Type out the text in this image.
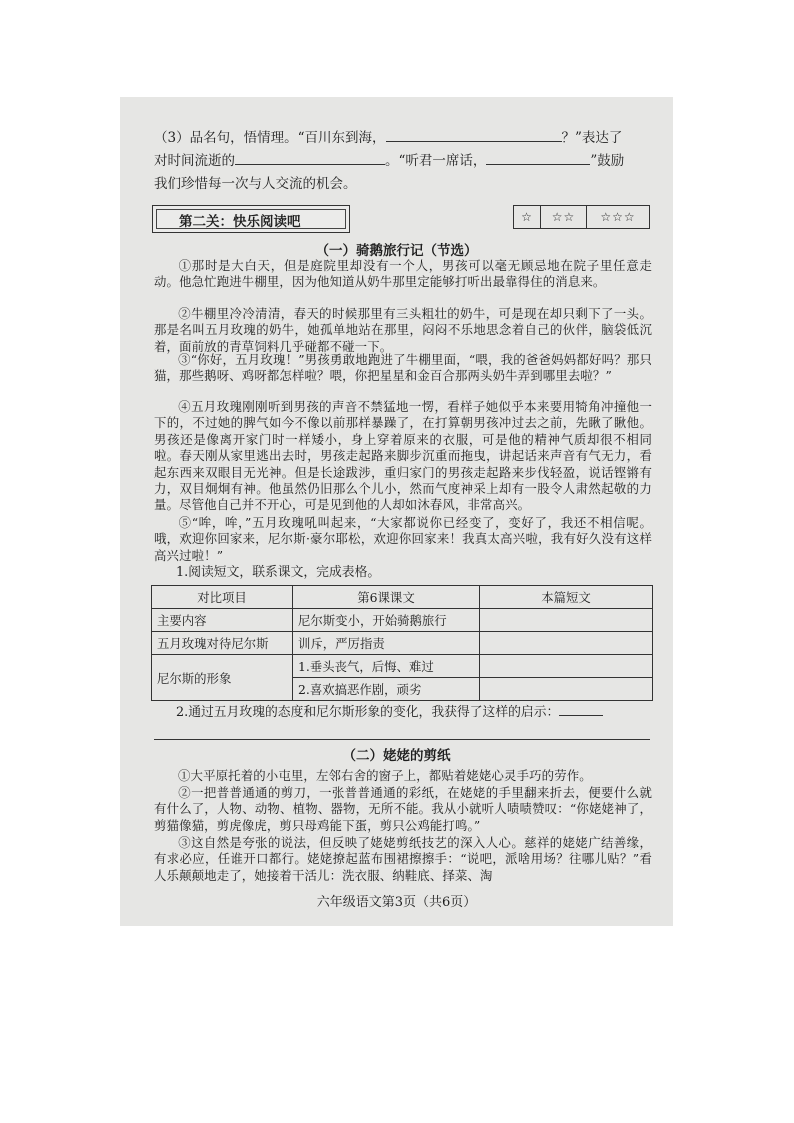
（3）品名句，悟情理。“百川东到海，	？”表达了
对时间流逝的	。“听君一席话，	”鼓励
我们珍惜每一次与人交流的机会。
第二关：快乐阅读吧	☆	☆☆	☆☆☆
（一）骑鹅旅行记（节选）
①那时是大白天，但是庭院里却没有一个人，男孩可以毫无顾忌地在院子里任意走动。他急忙跑进牛棚里，因为他知道从奶牛那里定能够打听出最靠得住的消息来。
②牛棚里冷冷清清，春天的时候那里有三头粗壮的奶牛，可是现在却只剩下了一头。那是名叫五月玫瑰的奶牛，她孤单地站在那里，闷闷不乐地思念着自己的伙伴，脑袋低沉着，面前放的青草饲料几乎碰都不碰一下。
③“你好，五月玫瑰！”男孩勇敢地跑进了牛棚里面，“喂，我的爸爸妈妈都好吗？那只猫，那些鹅呀、鸡呀都怎样啦？喂，你把星星和金百合那两头奶牛弄到哪里去啦？”
④五月玫瑰刚刚听到男孩的声音不禁猛地一愣，看样子她似乎本来要用犄角冲撞他一下的，不过她的脾气如今不像以前那样暴躁了，在打算朝男孩冲过去之前，先瞅了瞅他。男孩还是像离开家门时一样矮小，身上穿着原来的衣服，可是他的精神气质却很不相同啦。春天刚从家里逃出去时，男孩走起路来脚步沉重而拖曳，讲起话来声音有气无力，看起东西来双眼目无光神。但是长途跋涉，重归家门的男孩走起路来步伐轻盈，说话铿锵有力，双目炯炯有神。他虽然仍旧那么个儿小，然而气度神采上却有一股令人肃然起敬的力量。尽管他自己并不开心，可是见到他的人却如沐春风，非常高兴。
⑤“哞，哞，”五月玫瑰吼叫起来，“大家都说你已经变了，变好了，我还不相信呢。哦，欢迎你回家来，尼尔斯·豪尔耶松，欢迎你回家来！我真太高兴啦，我有好久没有这样高兴过啦！”
1.阅读短文，联系课文，完成表格。
对比项目	第6课课文	本篇短文
主要内容	尼尔斯变小，开始骑鹅旅行	
五月玫瑰对待尼尔斯	训斥，严厉指责	
尼尔斯的形象	1.垂头丧气，后悔、难过	
	2.喜欢搞恶作剧，顽劣	
2.通过五月玫瑰的态度和尼尔斯形象的变化，我获得了这样的启示：
（二）姥姥的剪纸
①大平原托着的小屯里，左邻右舍的窗子上，都贴着姥姥心灵手巧的劳作。
②一把普普通通的剪刀，一张普普通通的彩纸，在姥姥的手里翻来折去，便要什么就有什么了，人物、动物、植物、器物，无所不能。我从小就听人啧啧赞叹：“你姥姥神了，剪猫像猫，剪虎像虎，剪只母鸡能下蛋，剪只公鸡能打鸣。”
③这自然是夸张的说法，但反映了姥姥剪纸技艺的深入人心。慈祥的姥姥广结善缘，有求必应，任谁开口都行。姥姥撩起蓝布围裙擦擦手：“说吧，派啥用场？往哪儿贴？”看人乐颠颠地走了，她接着干活儿：洗衣服、纳鞋底、择菜、淘
六年级语文第3页（共6页）
